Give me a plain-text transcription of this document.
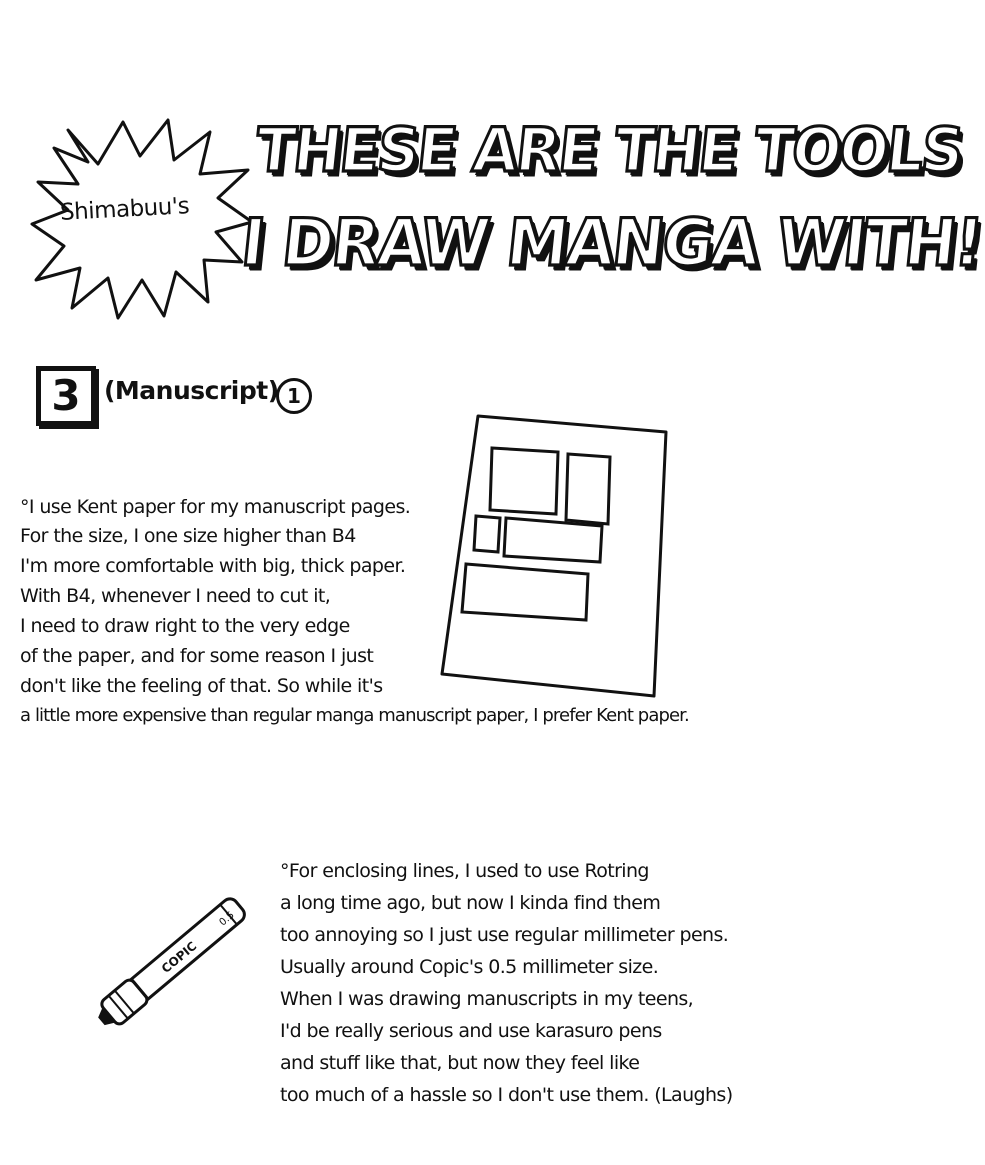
Shimabuu's
THESE ARE THE TOOLS
I DRAW MANGA WITH!
3 (Manuscript) 1
°I use Kent paper for my manuscript pages.
For the size, I one size higher than B4
I'm more comfortable with big, thick paper.
With B4, whenever I need to cut it,
I need to draw right to the very edge
of the paper, and for some reason I just
don't like the feeling of that. So while it's
a little more expensive than regular manga manuscript paper, I prefer Kent paper.
COPIC
0.5
°For enclosing lines, I used to use Rotring
a long time ago, but now I kinda find them
too annoying so I just use regular millimeter pens.
Usually around Copic's 0.5 millimeter size.
When I was drawing manuscripts in my teens,
I'd be really serious and use karasuro pens
and stuff like that, but now they feel like
too much of a hassle so I don't use them. (Laughs)
